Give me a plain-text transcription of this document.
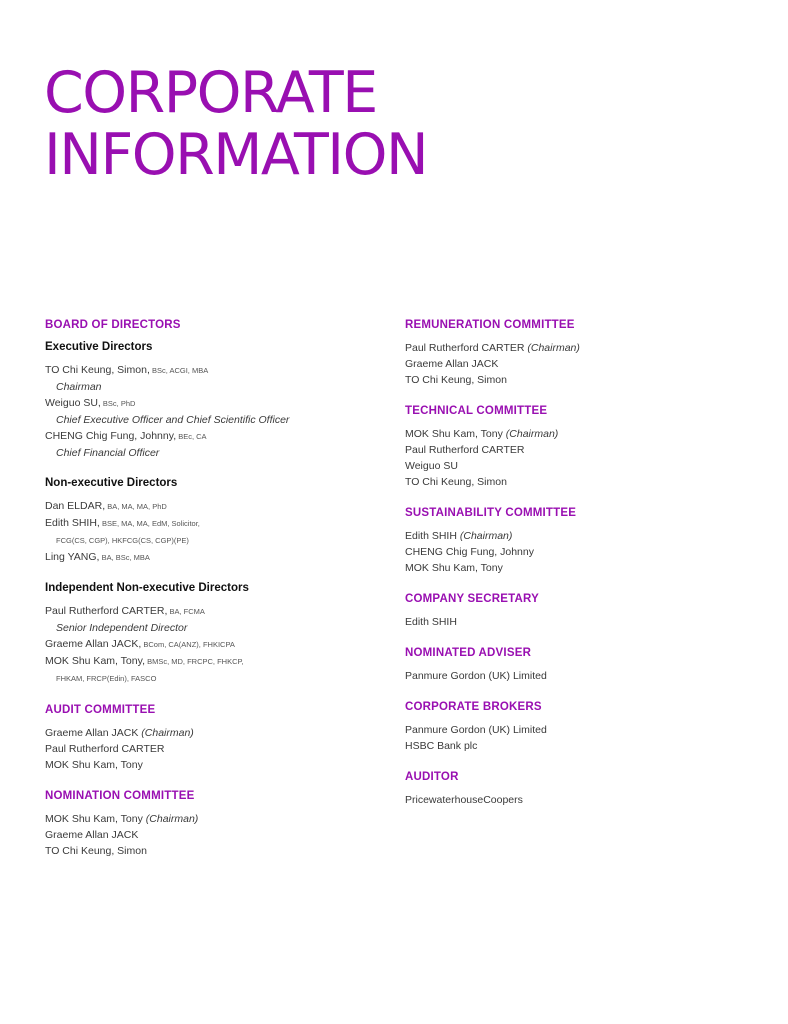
CORPORATE
INFORMATION
BOARD OF DIRECTORS
Executive Directors
TO Chi Keung, Simon, BSc, ACGI, MBA
Chairman
Weiguo SU, BSc, PhD
Chief Executive Officer and Chief Scientific Officer
CHENG Chig Fung, Johnny, BEc, CA
Chief Financial Officer
Non-executive Directors
Dan ELDAR, BA, MA, MA, PhD
Edith SHIH, BSE, MA, MA, EdM, Solicitor,
FCG(CS, CGP), HKFCG(CS, CGP)(PE)
Ling YANG, BA, BSc, MBA
Independent Non-executive Directors
Paul Rutherford CARTER, BA, FCMA
Senior Independent Director
Graeme Allan JACK, BCom, CA(ANZ), FHKICPA
MOK Shu Kam, Tony, BMSc, MD, FRCPC, FHKCP,
FHKAM, FRCP(Edin), FASCO
AUDIT COMMITTEE
Graeme Allan JACK (Chairman)
Paul Rutherford CARTER
MOK Shu Kam, Tony
NOMINATION COMMITTEE
MOK Shu Kam, Tony (Chairman)
Graeme Allan JACK
TO Chi Keung, Simon
REMUNERATION COMMITTEE
Paul Rutherford CARTER (Chairman)
Graeme Allan JACK
TO Chi Keung, Simon
TECHNICAL COMMITTEE
MOK Shu Kam, Tony (Chairman)
Paul Rutherford CARTER
Weiguo SU
TO Chi Keung, Simon
SUSTAINABILITY COMMITTEE
Edith SHIH (Chairman)
CHENG Chig Fung, Johnny
MOK Shu Kam, Tony
COMPANY SECRETARY
Edith SHIH
NOMINATED ADVISER
Panmure Gordon (UK) Limited
CORPORATE BROKERS
Panmure Gordon (UK) Limited
HSBC Bank plc
AUDITOR
PricewaterhouseCoopers
